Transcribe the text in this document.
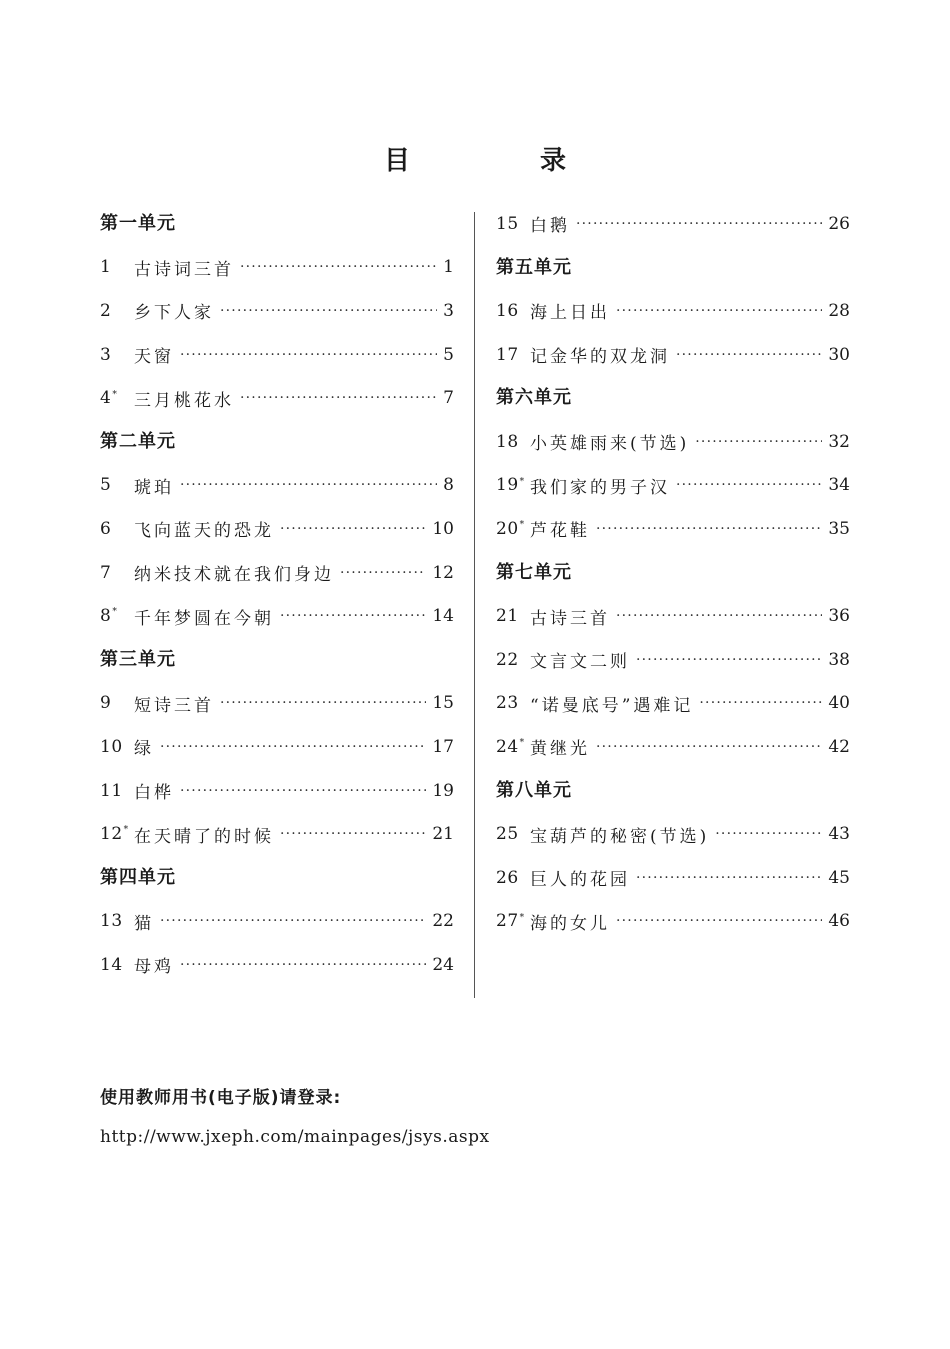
目　录
第一单元
1	古诗词三首 ·····	1
2	乡下人家 ·····	3
3	天窗 ·····	5
4* 三月桃花水 ·····	7
第二单元
5	琥珀 ·····	8
6	飞向蓝天的恐龙 ·····	10
7	纳米技术就在我们身边 ·····	12
8* 千年梦圆在今朝 ·····	14
第三单元
9	短诗三首 ·····	15
10 绿 ·····	17
11 白桦 ·····	19
12* 在天晴了的时候 ·····	21
第四单元
13 猫 ·····	22
14 母鸡 ·····	24
15 白鹅 ·····	26
第五单元
16 海上日出 ·····	28
17 记金华的双龙洞 ·····	30
第六单元
18 小英雄雨来(节选) ·····	32
19* 我们家的男子汉 ·····	34
20* 芦花鞋 ·····	35
第七单元
21 古诗三首 ·····	36
22 文言文二则 ·····	38
23 “诺曼底号”遇难记 ·····	40
24* 黄继光 ·····	42
第八单元
25 宝葫芦的秘密(节选) ·····	43
26 巨人的花园 ·····	45
27* 海的女儿 ·····	46
使用教师用书(电子版)请登录:
http://www.jxeph.com/mainpages/jsys.aspx
